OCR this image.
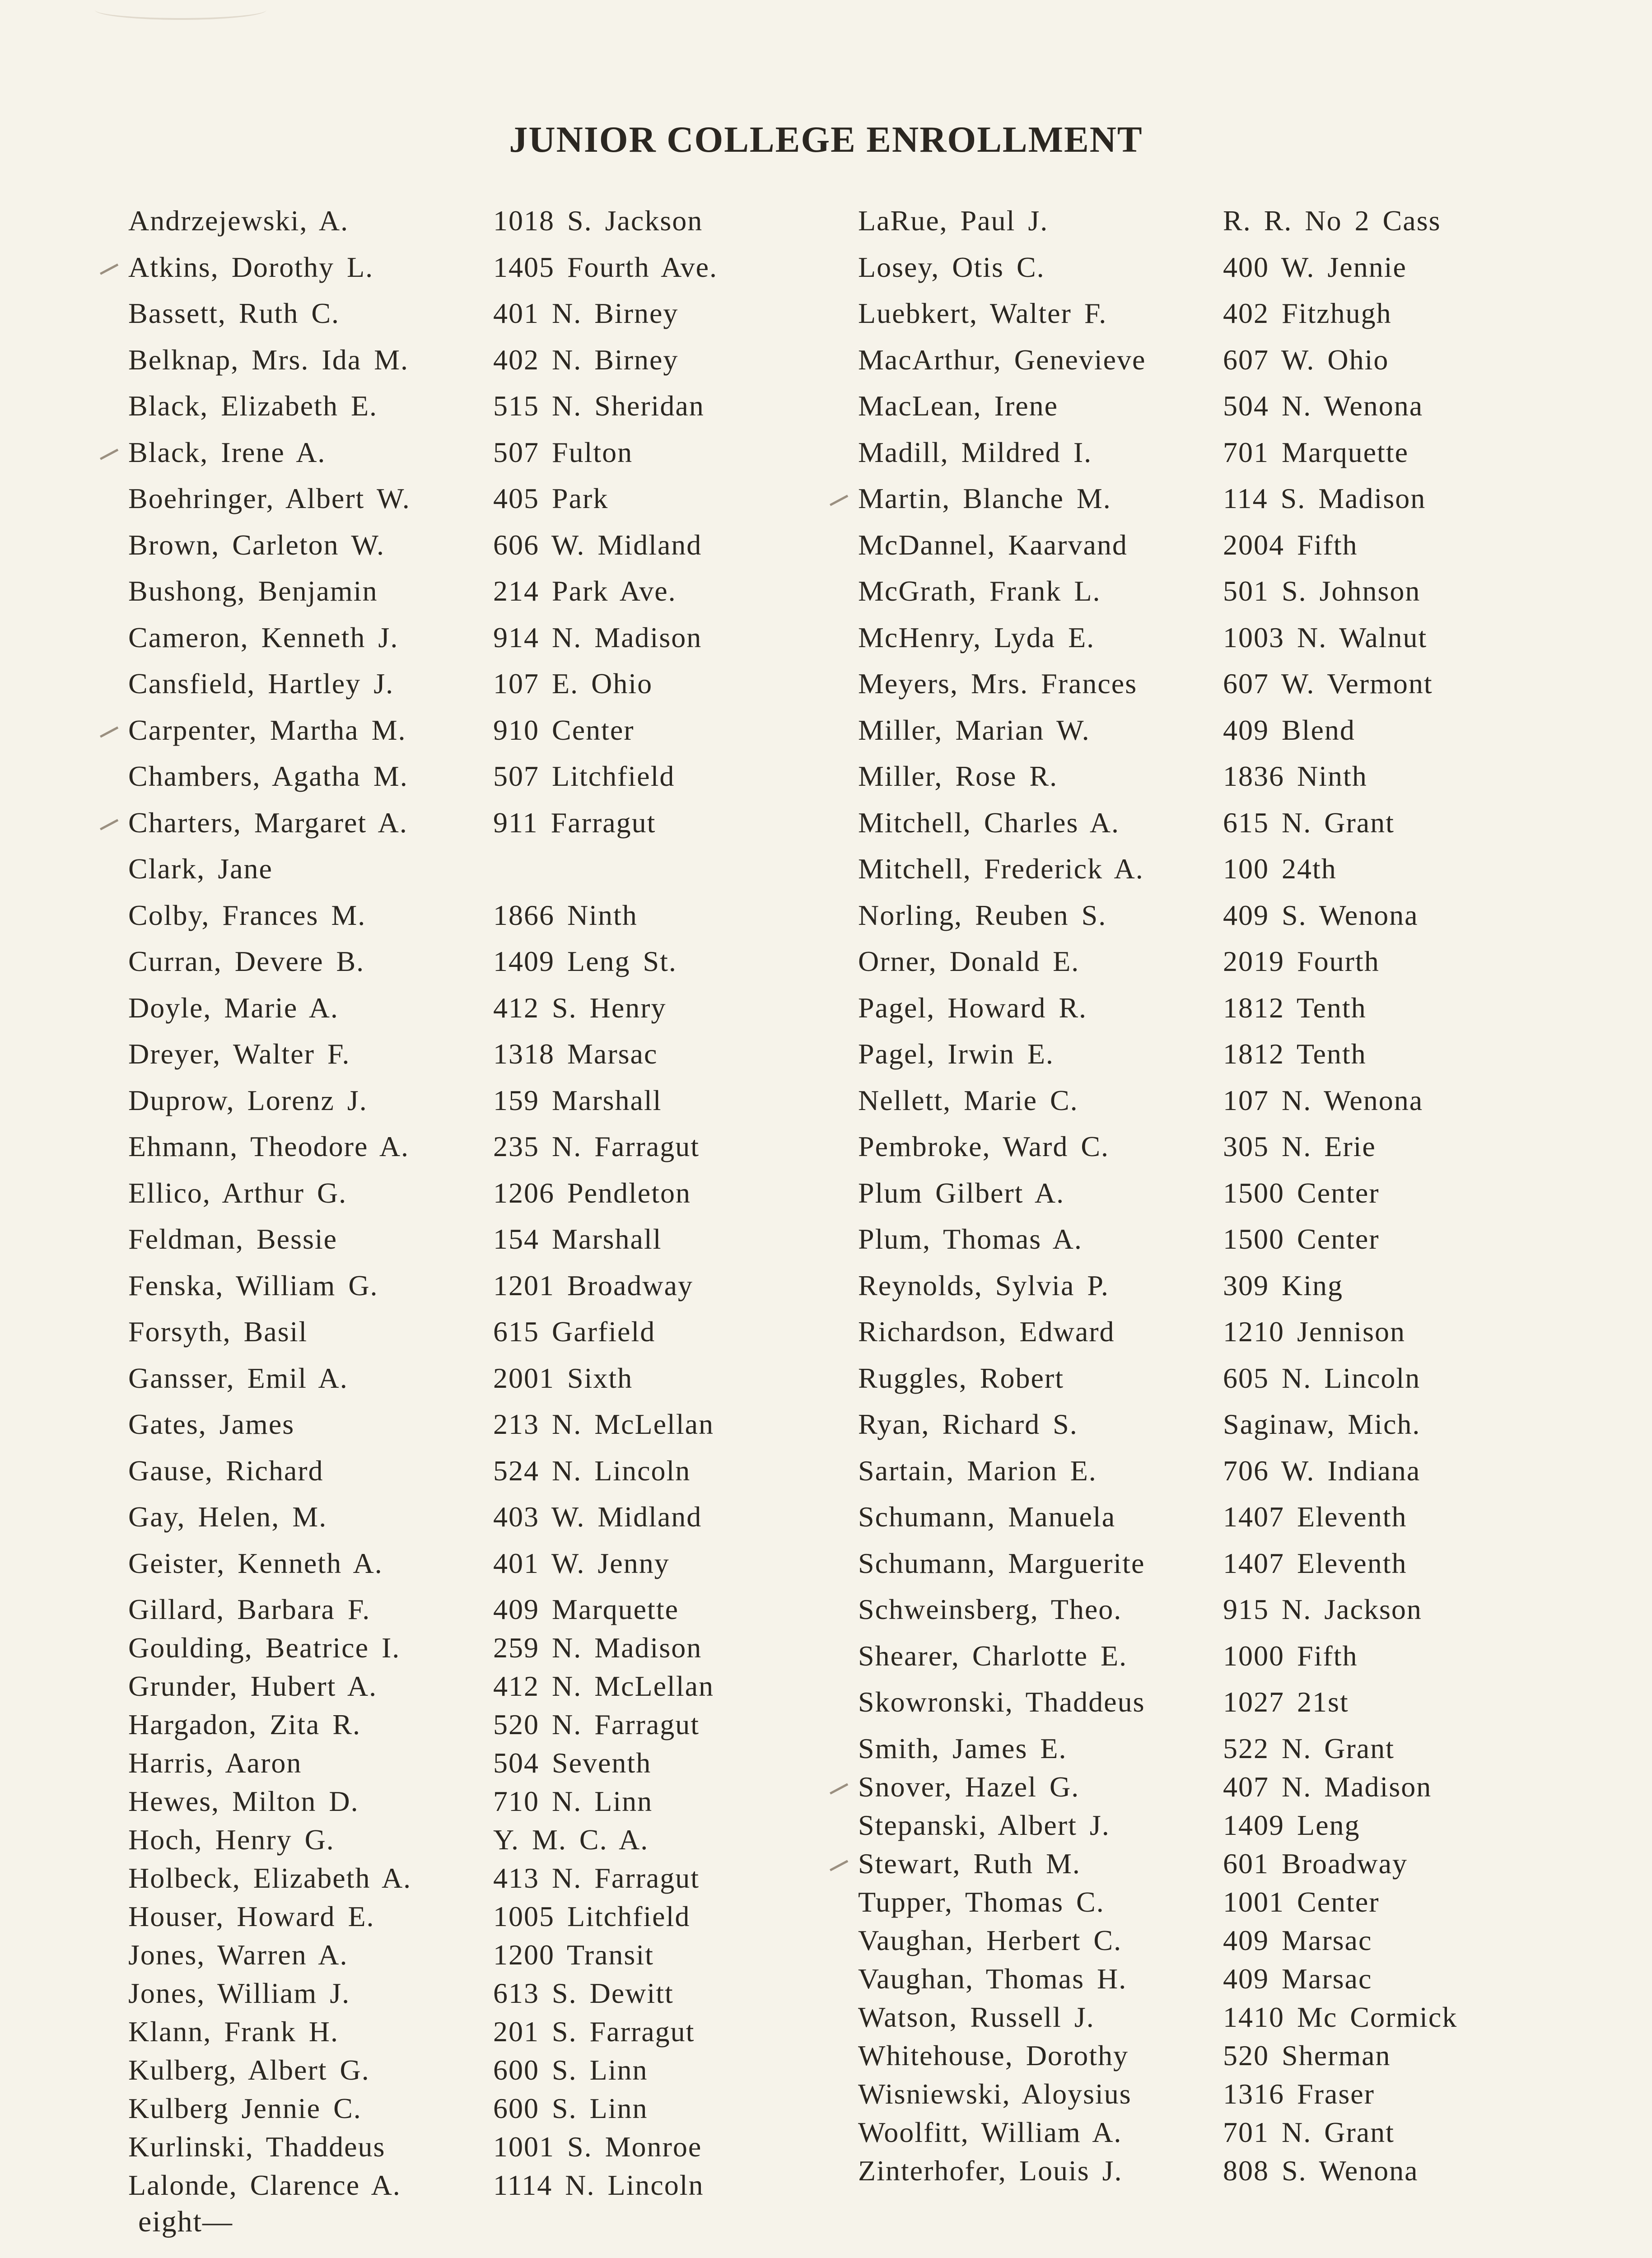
JUNIOR COLLEGE ENROLLMENT
Andrzejewski, A.	1018 S. Jackson
Atkins, Dorothy L.	1405 Fourth Ave.
Bassett, Ruth C.	401 N. Birney
Belknap, Mrs. Ida M.	402 N. Birney
Black, Elizabeth E.	515 N. Sheridan
Black, Irene A.	507 Fulton
Boehringer, Albert W.	405 Park
Brown, Carleton W.	606 W. Midland
Bushong, Benjamin	214 Park Ave.
Cameron, Kenneth J.	914 N. Madison
Cansfield, Hartley J.	107 E. Ohio
Carpenter, Martha M.	910 Center
Chambers, Agatha M.	507 Litchfield
Charters, Margaret A.	911 Farragut
Clark, Jane
Colby, Frances M.	1866 Ninth
Curran, Devere B.	1409 Leng St.
Doyle, Marie A.	412 S. Henry
Dreyer, Walter F.	1318 Marsac
Duprow, Lorenz J.	159 Marshall
Ehmann, Theodore A.	235 N. Farragut
Ellico, Arthur G.	1206 Pendleton
Feldman, Bessie	154 Marshall
Fenska, William G.	1201 Broadway
Forsyth, Basil	615 Garfield
Gansser, Emil A.	2001 Sixth
Gates, James	213 N. McLellan
Gause, Richard	524 N. Lincoln
Gay, Helen, M.	403 W. Midland
Geister, Kenneth A.	401 W. Jenny
Gillard, Barbara F.	409 Marquette
Goulding, Beatrice I.	259 N. Madison
Grunder, Hubert A.	412 N. McLellan
Hargadon, Zita R.	520 N. Farragut
Harris, Aaron	504 Seventh
Hewes, Milton D.	710 N. Linn
Hoch, Henry G.	Y. M. C. A.
Holbeck, Elizabeth A.	413 N. Farragut
Houser, Howard E.	1005 Litchfield
Jones, Warren A.	1200 Transit
Jones, William J.	613 S. Dewitt
Klann, Frank H.	201 S. Farragut
Kulberg, Albert G.	600 S. Linn
Kulberg Jennie C.	600 S. Linn
Kurlinski, Thaddeus	1001 S. Monroe
Lalonde, Clarence A.	1114 N. Lincoln
LaRue, Paul J.	R. R. No 2 Cass
Losey, Otis C.	400 W. Jennie
Luebkert, Walter F.	402 Fitzhugh
MacArthur, Genevieve	607 W. Ohio
MacLean, Irene	504 N. Wenona
Madill, Mildred I.	701 Marquette
Martin, Blanche M.	114 S. Madison
McDannel, Kaarvand	2004 Fifth
McGrath, Frank L.	501 S. Johnson
McHenry, Lyda E.	1003 N. Walnut
Meyers, Mrs. Frances	607 W. Vermont
Miller, Marian W.	409 Blend
Miller, Rose R.	1836 Ninth
Mitchell, Charles A.	615 N. Grant
Mitchell, Frederick A.	100 24th
Norling, Reuben S.	409 S. Wenona
Orner, Donald E.	2019 Fourth
Pagel, Howard R.	1812 Tenth
Pagel, Irwin E.	1812 Tenth
Nellett, Marie C.	107 N. Wenona
Pembroke, Ward C.	305 N. Erie
Plum Gilbert A.	1500 Center
Plum, Thomas A.	1500 Center
Reynolds, Sylvia P.	309 King
Richardson, Edward	1210 Jennison
Ruggles, Robert	605 N. Lincoln
Ryan, Richard S.	Saginaw, Mich.
Sartain, Marion E.	706 W. Indiana
Schumann, Manuela	1407 Eleventh
Schumann, Marguerite	1407 Eleventh
Schweinsberg, Theo.	915 N. Jackson
Shearer, Charlotte E.	1000 Fifth
Skowronski, Thaddeus	1027 21st
Smith, James E.	522 N. Grant
Snover, Hazel G.	407 N. Madison
Stepanski, Albert J.	1409 Leng
Stewart, Ruth M.	601 Broadway
Tupper, Thomas C.	1001 Center
Vaughan, Herbert C.	409 Marsac
Vaughan, Thomas H.	409 Marsac
Watson, Russell J.	1410 Mc Cormick
Whitehouse, Dorothy	520 Sherman
Wisniewski, Aloysius	1316 Fraser
Woolfitt, William A.	701 N. Grant
Zinterhofer, Louis J.	808 S. Wenona
eight—
